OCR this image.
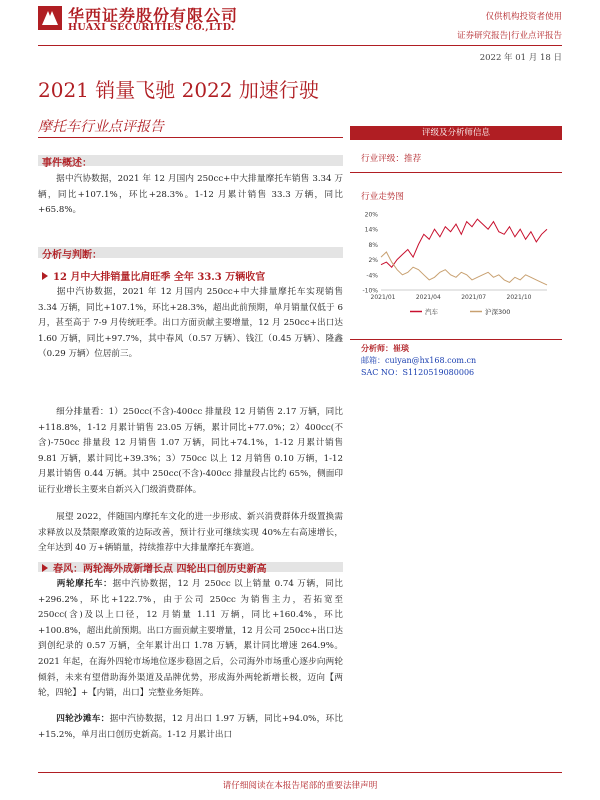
华西证券股份有限公司
HUAXI SECURITIES CO.,LTD.
仅供机构投资者使用
证券研究报告|行业点评报告
2022 年 01 月 18 日
2021 销量飞驰 2022 加速行驶
摩托车行业点评报告
事件概述：
据中汽协数据，2021 年 12 月国内 250cc+中大排量摩托车销售 3.34 万辆，同比+107.1%，环比+28.3%。1-12 月累计销售 33.3 万辆，同比+65.8%。
分析与判断：
12 月中大排销量比肩旺季 全年 33.3 万辆收官
据中汽协数据，2021 年 12 月国内 250cc+中大排量摩托车实现销售 3.34 万辆，同比+107.1%，环比+28.3%，超出此前预期，单月销量仅低于 6 月，甚至高于 7-9 月传统旺季。出口方面贡献主要增量，12 月 250cc+出口达 1.60 万辆，同比+97.7%，其中春风（0.57 万辆）、钱江（0.45 万辆）、隆鑫（0.29 万辆）位居前三。
细分排量看：1）250cc(不含)-400cc 排量段 12 月销售 2.17 万辆，同比+118.8%，1-12 月累计销售 23.05 万辆，累计同比+77.0%；2）400cc(不含)-750cc 排量段 12 月销售 1.07 万辆，同比+74.1%，1-12 月累计销售 9.81 万辆，累计同比+39.3%；3）750cc 以上 12 月销售 0.10 万辆，1-12 月累计销售 0.44 万辆。其中 250cc(不含)-400cc 排量段占比约 65%，侧面印证行业增长主要来自新兴入门级消费群体。
展望 2022，伴随国内摩托车文化的进一步形成、新兴消费群体升级置换需求释放以及禁限摩政策的边际改善，预计行业可继续实现 40%左右高速增长，全年达到 40 万+辆销量，持续推荐中大排量摩托车赛道。
春风：两轮海外成新增长点 四轮出口创历史新高
两轮摩托车：据中汽协数据，12 月 250cc 以上销量 0.74 万辆，同比+296.2%，环比+122.7%，由于公司 250cc 为销售主力，若拓宽至 250cc(含)及以上口径，12 月销量 1.11 万辆，同比+160.4%，环比+100.8%，超出此前预期。出口方面贡献主要增量，12 月公司 250cc+出口达到创纪录的 0.57 万辆，全年累计出口 1.78 万辆，累计同比增速 264.9%。2021 年起，在海外四轮市场地位逐步稳固之后，公司海外市场重心逐步向两轮倾斜，未来有望借助海外渠道及品牌优势，形成海外两轮新增长极，迈向【两轮，四轮】+【内销，出口】完整业务矩阵。
四轮沙滩车：据中汽协数据，12 月出口 1.97 万辆，同比+94.0%，环比+15.2%，单月出口创历史新高。1-12 月累计出口
评级及分析师信息
行业评级：推荐
行业走势图
20%
14%
8%
2%
-4%
-10%
2021/01	2021/04	2021/07	2021/10
汽车	沪深300
分析师：崔琰
邮箱：cuiyan@hx168.com.cn
SAC NO：S1120519080006
请仔细阅读在本报告尾部的重要法律声明
